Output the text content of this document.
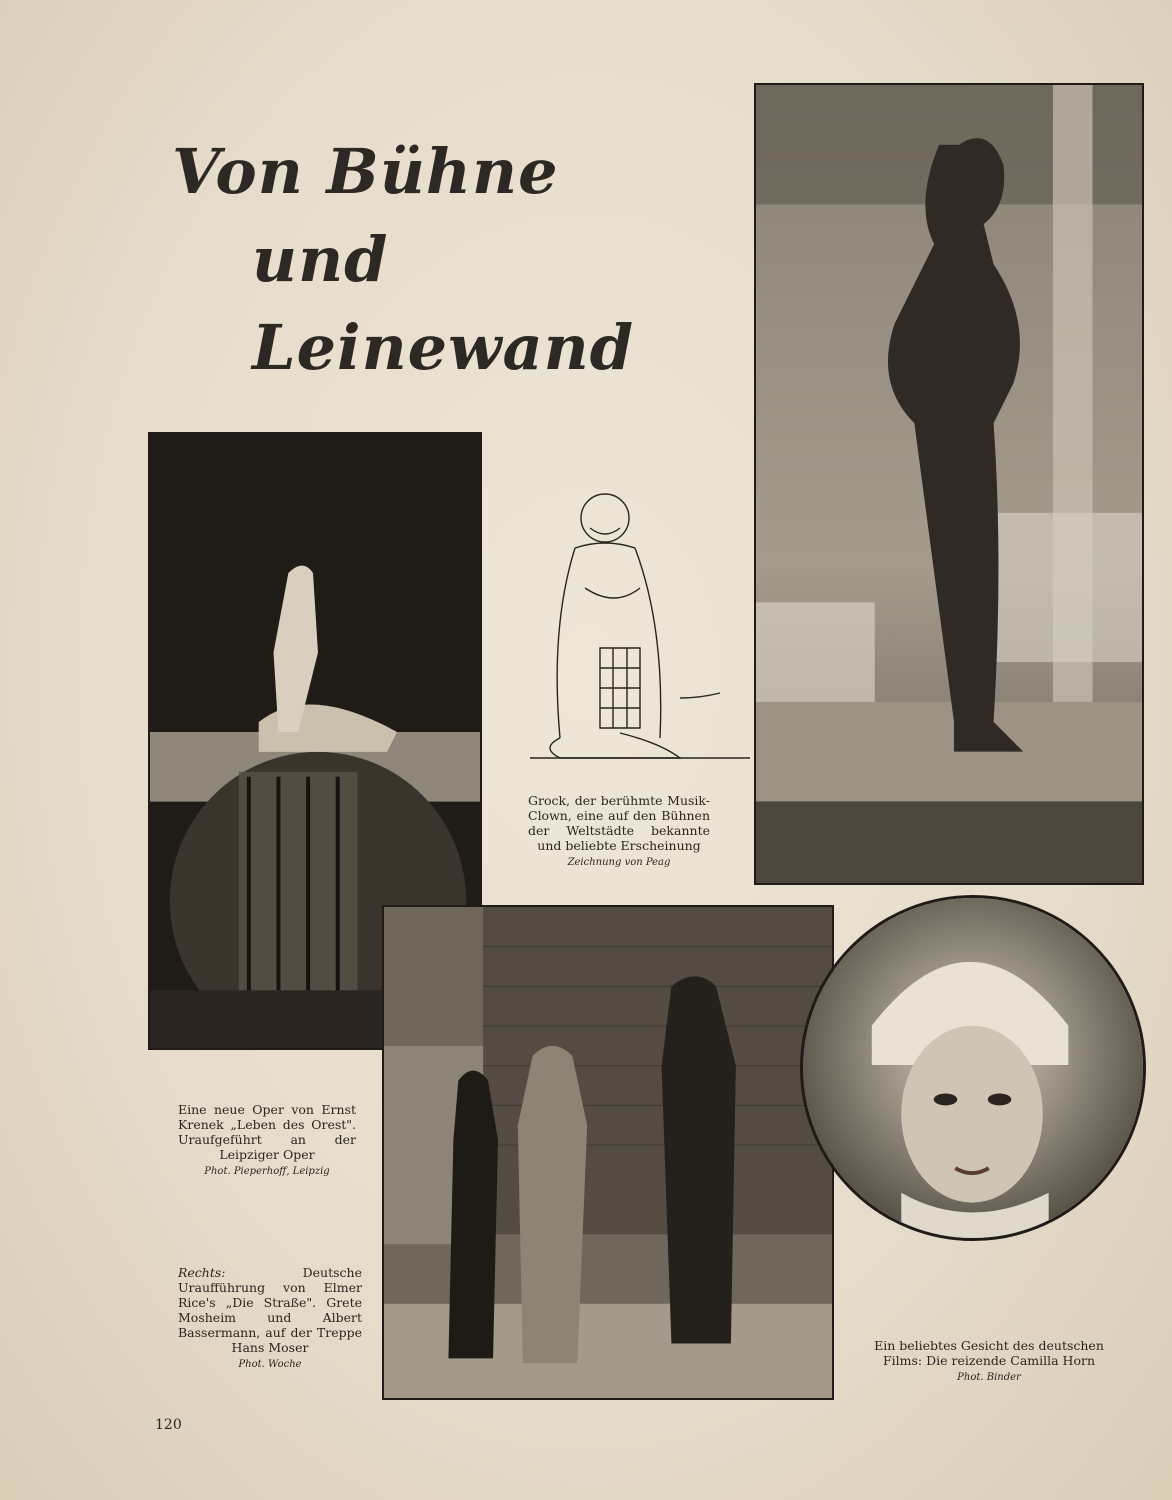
Von Bühne
und Leinewand
Grock, der berühmte Musik-Clown, eine auf den Bühnen der Weltstädte bekannte und beliebte Erscheinung
Zeichnung von Peag
Eine neue Oper von Ernst Krenek „Leben des Orest". Uraufgeführt an der Leipziger Oper
Phot. Pieperhoff, Leipzig
Rechts:	Deutsche Uraufführung von Elmer Rice's „Die Straße". Grete Mosheim und Albert Bassermann, auf der Treppe Hans Moser
Phot. Woche
Ein beliebtes Gesicht des deutschen Films: Die reizende Camilla Horn
Phot. Binder
120
